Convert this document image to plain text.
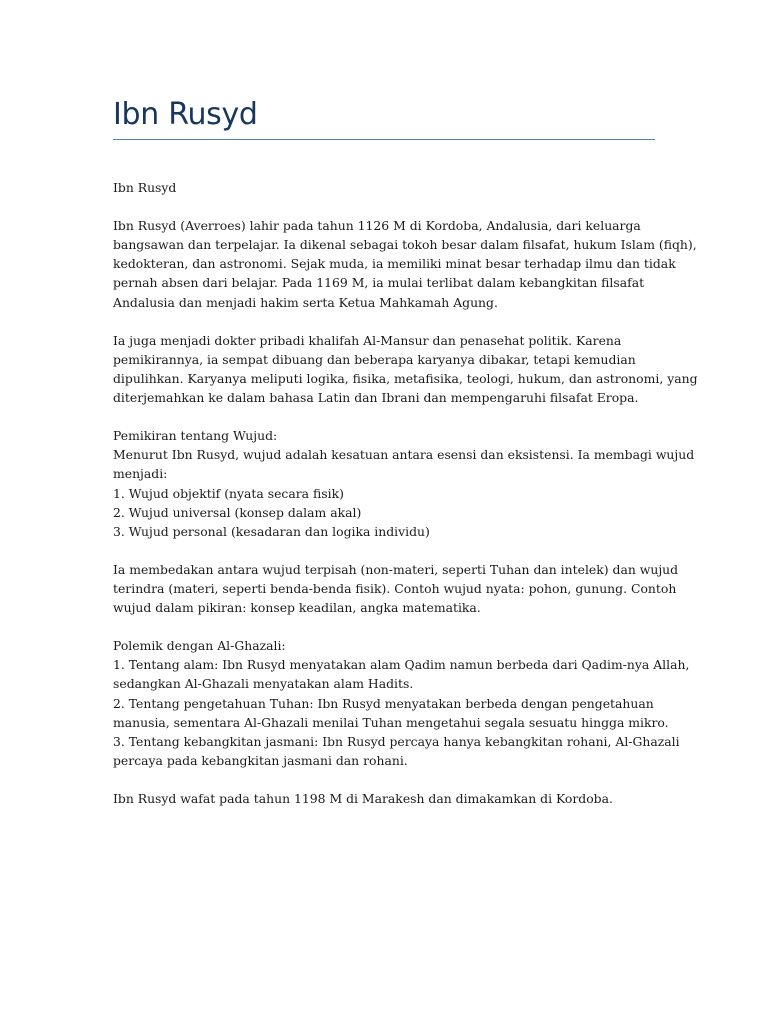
Ibn Rusyd

Ibn Rusyd

Ibn Rusyd (Averroes) lahir pada tahun 1126 M di Kordoba, Andalusia, dari keluarga
bangsawan dan terpelajar. Ia dikenal sebagai tokoh besar dalam filsafat, hukum Islam (fiqh),
kedokteran, dan astronomi. Sejak muda, ia memiliki minat besar terhadap ilmu dan tidak
pernah absen dari belajar. Pada 1169 M, ia mulai terlibat dalam kebangkitan filsafat
Andalusia dan menjadi hakim serta Ketua Mahkamah Agung.

Ia juga menjadi dokter pribadi khalifah Al-Mansur dan penasehat politik. Karena
pemikirannya, ia sempat dibuang dan beberapa karyanya dibakar, tetapi kemudian
dipulihkan. Karyanya meliputi logika, fisika, metafisika, teologi, hukum, dan astronomi, yang
diterjemahkan ke dalam bahasa Latin dan Ibrani dan mempengaruhi filsafat Eropa.

Pemikiran tentang Wujud:
Menurut Ibn Rusyd, wujud adalah kesatuan antara esensi dan eksistensi. Ia membagi wujud
menjadi:
1. Wujud objektif (nyata secara fisik)
2. Wujud universal (konsep dalam akal)
3. Wujud personal (kesadaran dan logika individu)

Ia membedakan antara wujud terpisah (non-materi, seperti Tuhan dan intelek) dan wujud
terindra (materi, seperti benda-benda fisik). Contoh wujud nyata: pohon, gunung. Contoh
wujud dalam pikiran: konsep keadilan, angka matematika.

Polemik dengan Al-Ghazali:
1. Tentang alam: Ibn Rusyd menyatakan alam Qadim namun berbeda dari Qadim-nya Allah,
sedangkan Al-Ghazali menyatakan alam Hadits.
2. Tentang pengetahuan Tuhan: Ibn Rusyd menyatakan berbeda dengan pengetahuan
manusia, sementara Al-Ghazali menilai Tuhan mengetahui segala sesuatu hingga mikro.
3. Tentang kebangkitan jasmani: Ibn Rusyd percaya hanya kebangkitan rohani, Al-Ghazali
percaya pada kebangkitan jasmani dan rohani.

Ibn Rusyd wafat pada tahun 1198 M di Marakesh dan dimakamkan di Kordoba.
